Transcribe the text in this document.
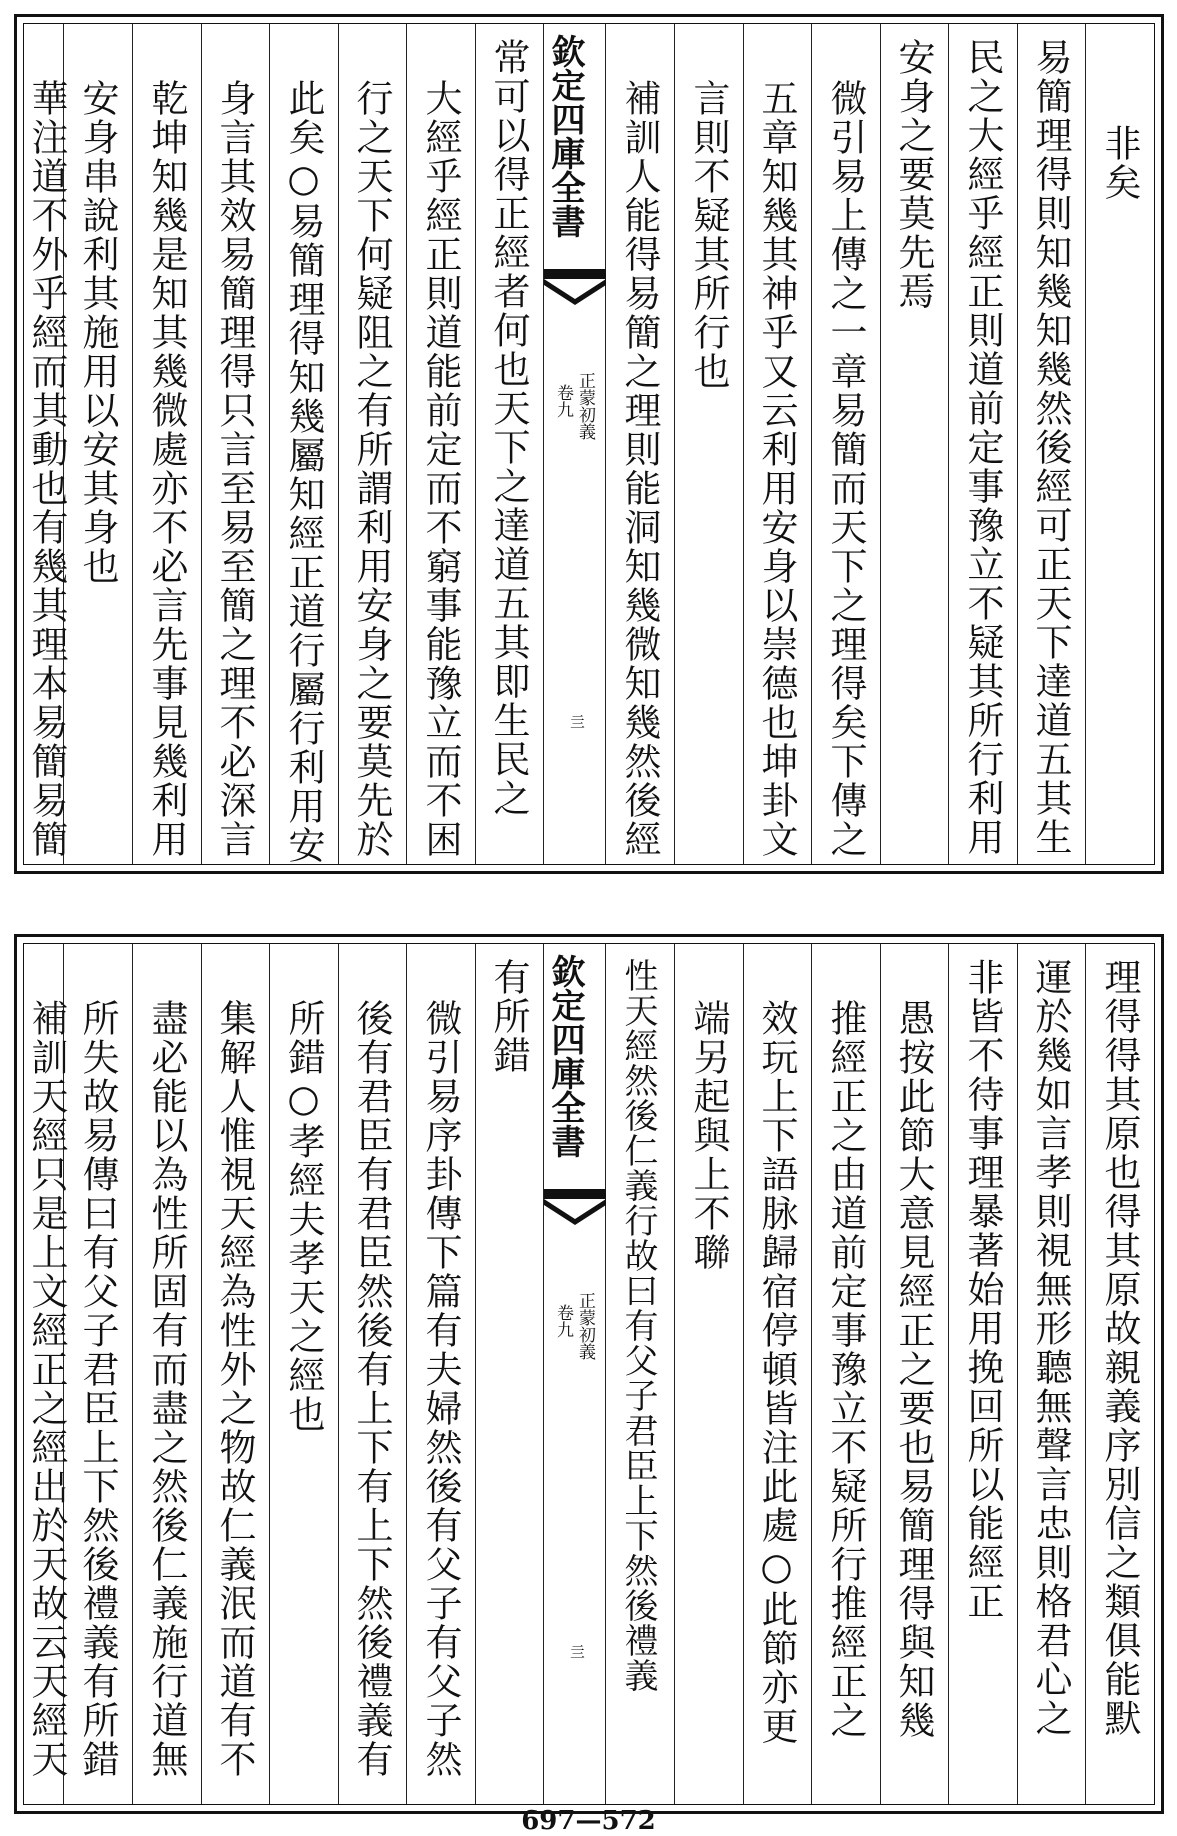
非矣
易簡理得則知幾知幾然後經可正天下達道五其生
民之大經乎經正則道前定事豫立不疑其所行利用
安身之要莫先焉
微引易上傳之一章易簡而天下之理得矣下傳之
五章知幾其神乎又云利用安身以崇德也坤卦文
言則不疑其所行也
補訓人能得易簡之理則能洞知幾微知幾然後經
欽定四庫全書
正蒙初義
卷九
亖
常可以得正經者何也天下之達道五其即生民之
大經乎經正則道能前定而不窮事能豫立而不困
行之天下何疑阻之有所謂利用安身之要莫先於
此矣○易簡理得知幾屬知經正道行屬行利用安
身言其效易簡理得只言至易至簡之理不必深言
乾坤知幾是知其幾微處亦不必言先事見幾利用
安身串說利其施用以安其身也
華注道不外乎經而其動也有幾其理本易簡易簡
理得得其原也得其原故親義序別信之類俱能默
運於幾如言孝則視無形聽無聲言忠則格君心之
非皆不待事理暴著始用挽回所以能經正
愚按此節大意見經正之要也易簡理得與知幾
推經正之由道前定事豫立不疑所行推經正之
效玩上下語脉歸宿停頓皆注此處○此節亦更
端另起與上不聯
性天經然後仁義行故曰有父子君臣上下然後禮義
欽定四庫全書
正蒙初義
卷九
亖
有所錯
微引易序卦傳下篇有夫婦然後有父子有父子然
後有君臣有君臣然後有上下有上下然後禮義有
所錯○孝經夫孝天之經也
集解人惟視天經為性外之物故仁義泯而道有不
盡必能以為性所固有而盡之然後仁義施行道無
所失故易傳曰有父子君臣上下然後禮義有所錯
補訓天經只是上文經正之經出於天故云天經天
697—572
